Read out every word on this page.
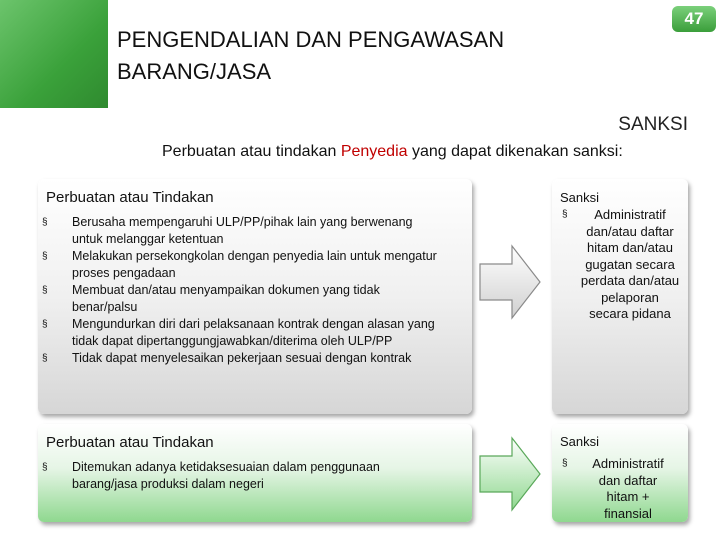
PENGENDALIAN DAN PENGAWASAN BARANG/JASA
47
SANKSI
Perbuatan atau tindakan Penyedia yang dapat dikenakan sanksi:
Perbuatan atau Tindakan
§ Berusaha mempengaruhi ULP/PP/pihak lain yang berwenang untuk melanggar ketentuan
§ Melakukan persekongkolan dengan penyedia lain untuk mengatur proses pengadaan
§ Membuat dan/atau menyampaikan dokumen yang tidak benar/palsu
§ Mengundurkan diri dari pelaksanaan kontrak dengan alasan yang tidak dapat dipertanggungjawabkan/diterima oleh ULP/PP
§ Tidak dapat menyelesaikan pekerjaan sesuai dengan kontrak
Sanksi
§ Administratif dan/atau daftar hitam dan/atau gugatan secara perdata dan/atau pelaporan secara pidana
Perbuatan atau Tindakan
§ Ditemukan adanya ketidaksesuaian dalam penggunaan barang/jasa produksi dalam negeri
Sanksi
§ Administratif dan daftar hitam + finansial
